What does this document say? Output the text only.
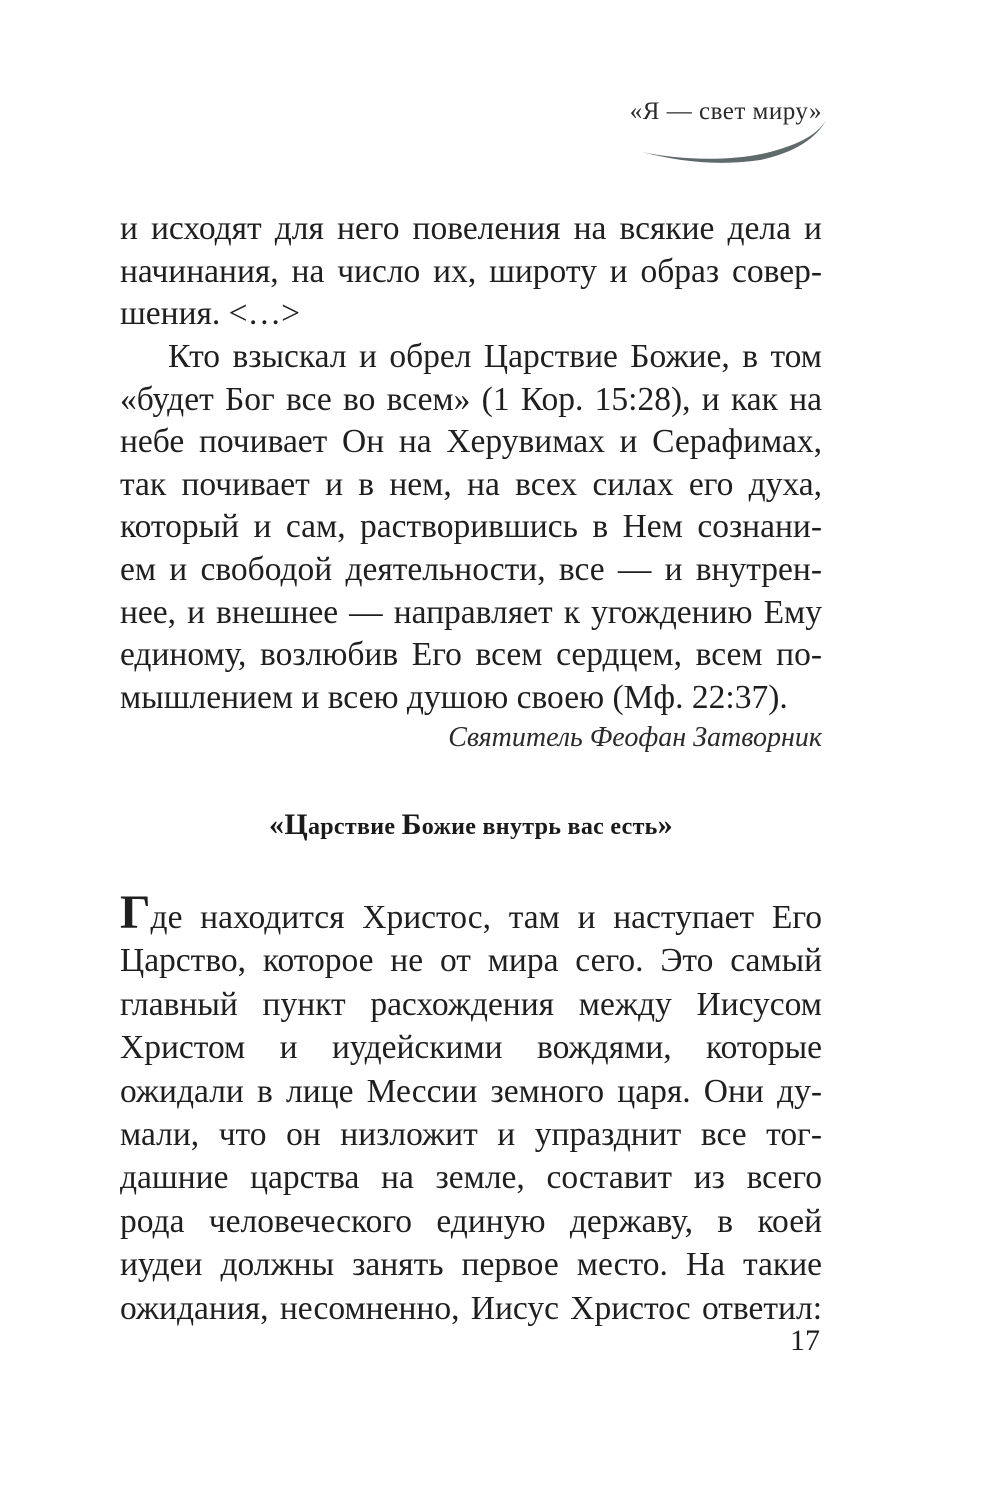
«Я — свет миру»
и исходят для него повеления на всякие дела и
начинания, на число их, широту и образ совер-
шения. <…>
Кто взыскал и обрел Царствие Божие, в том
«будет Бог все во всем» (1 Кор. 15:28), и как на
небе почивает Он на Херувимах и Серафимах,
так почивает и в нем, на всех силах его духа,
который и сам, растворившись в Нем сознани-
ем и свободой деятельности, все — и внутрен-
нее, и внешнее — направляет к угождению Ему
единому, возлюбив Его всем сердцем, всем по-
мышлением и всею душою своею (Мф. 22:37).
Святитель Феофан Затворник
«Царствие Божие внутрь вас есть»
Где находится Христос, там и наступает Его
Царство, которое не от мира сего. Это самый
главный пункт расхождения между Иисусом
Христом и иудейскими вождями, которые
ожидали в лице Мессии земного царя. Они ду-
мали, что он низложит и упразднит все тог-
дашние царства на земле, составит из всего
рода человеческого единую державу, в коей
иудеи должны занять первое место. На такие
ожидания, несомненно, Иисус Христос ответил:
17
